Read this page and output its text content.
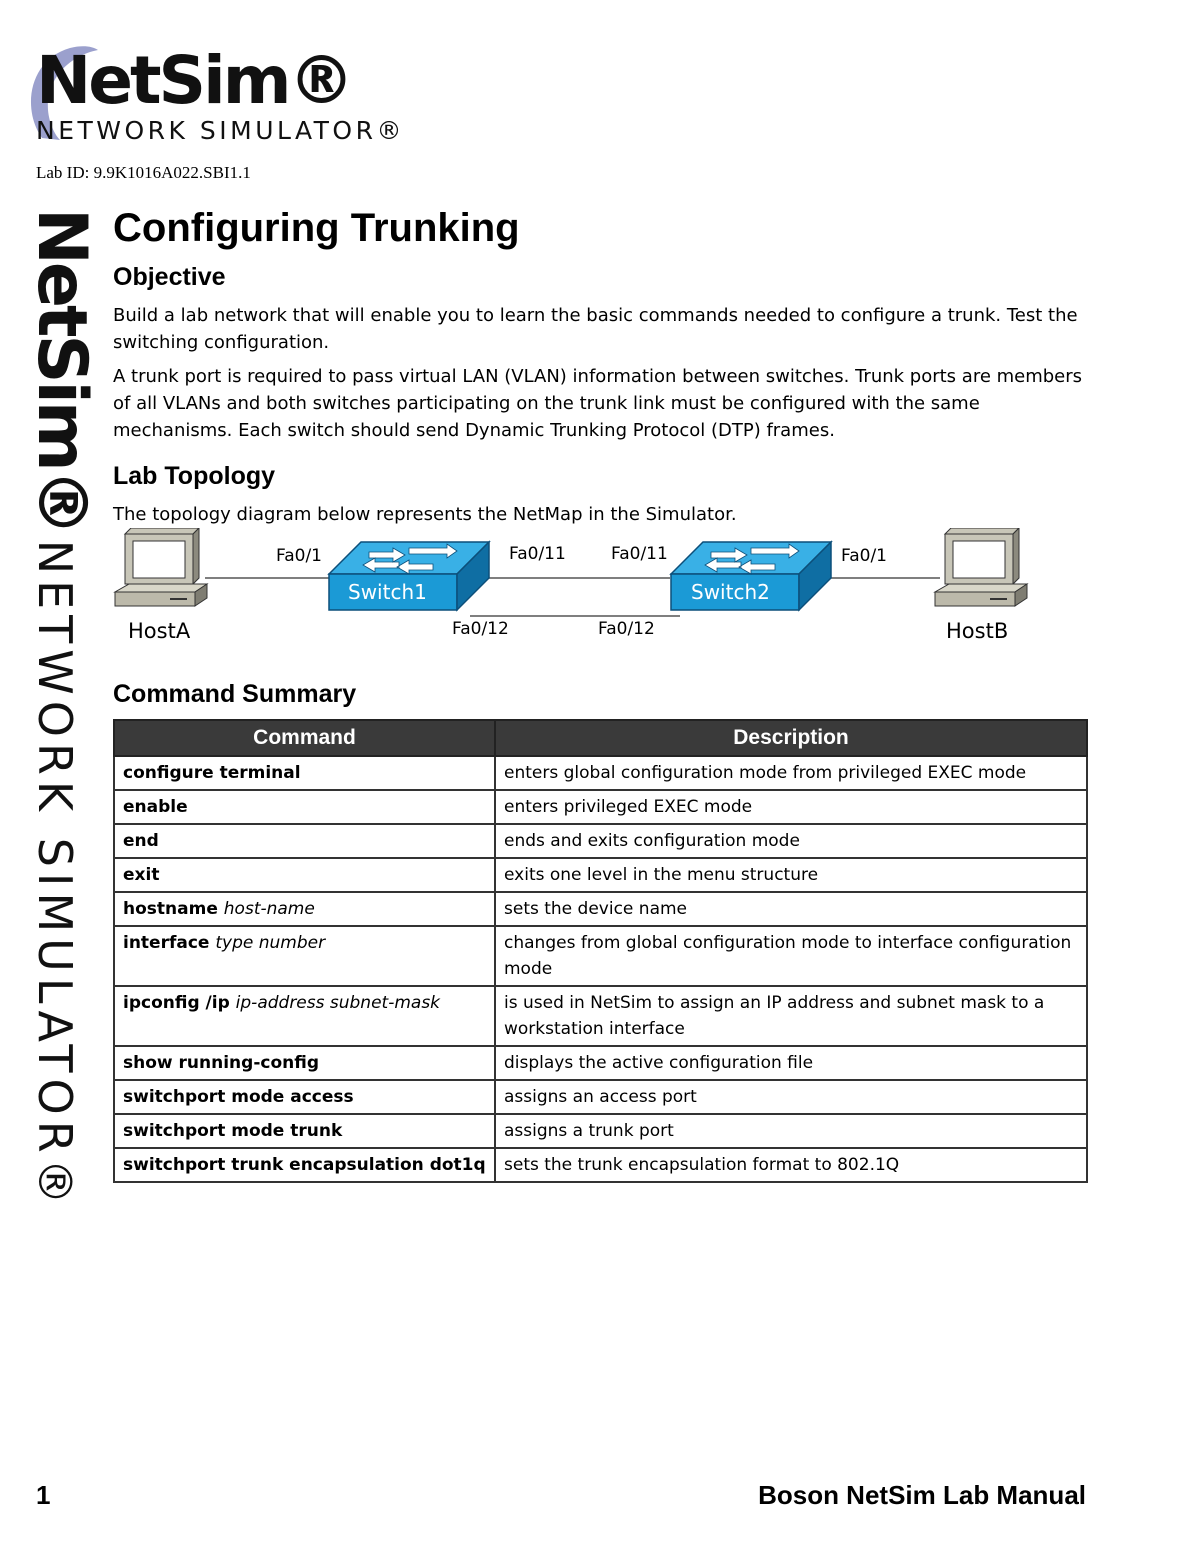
NetSim®
NETWORK SIMULATOR®
Lab ID: 9.9K1016A022.SBI1.1
NetSim®NETWORK SIMULATOR®
Configuring Trunking
Objective

Build a lab network that will enable you to learn the basic commands needed to configure a trunk. Test the switching configuration.

A trunk port is required to pass virtual LAN (VLAN) information between switches. Trunk ports are members of all VLANs and both switches participating on the trunk link must be configured with the same mechanisms. Each switch should send Dynamic Trunking Protocol (DTP) frames.

Lab Topology

The topology diagram below represents the NetMap in the Simulator.

Switch1	Switch2
Fa0/1	Fa0/11	Fa0/11	Fa0/1
Fa0/12	Fa0/12
HostA	HostB
Command Summary
Command	Description
configure terminal	enters global configuration mode from privileged EXEC mode
enable	enters privileged EXEC mode
end	ends and exits configuration mode
exit	exits one level in the menu structure
hostname host-name	sets the device name
interface type number	changes from global configuration mode to interface configuration mode
ipconfig /ip ip-address subnet-mask	is used in NetSim to assign an IP address and subnet mask to a workstation interface
show running-config	displays the active configuration file
switchport mode access	assigns an access port
switchport mode trunk	assigns a trunk port
switchport trunk encapsulation dot1q	sets the trunk encapsulation format to 802.1Q
1	Boson NetSim Lab Manual
